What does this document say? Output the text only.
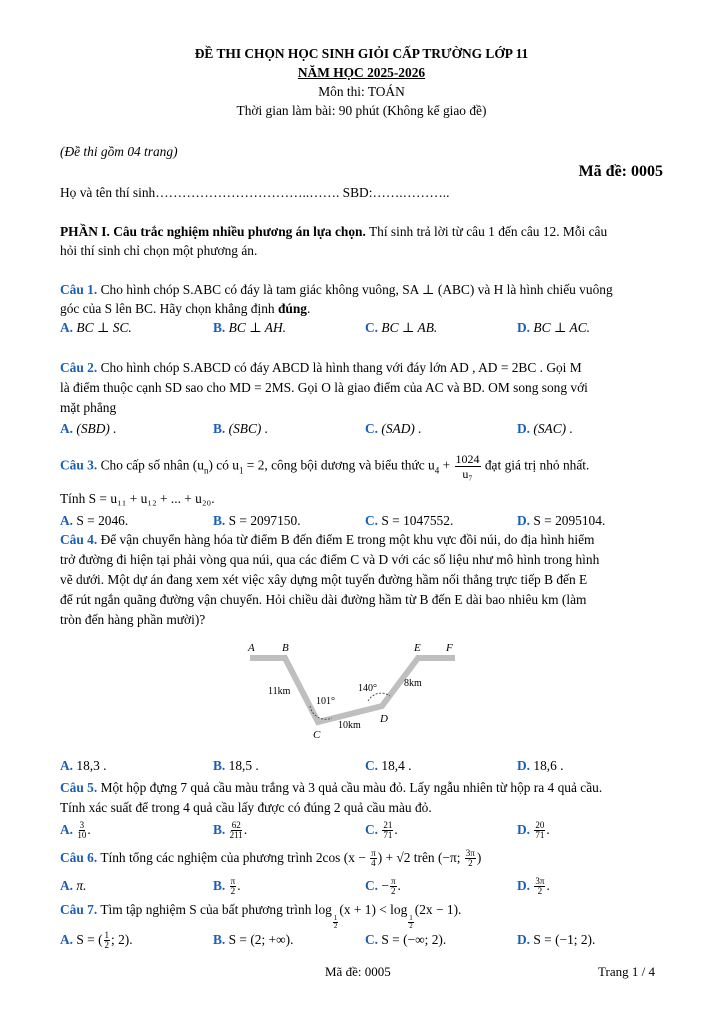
ĐỀ THI CHỌN HỌC SINH GIỎI CẤP TRƯỜNG LỚP 11
NĂM HỌC 2025-2026
Môn thi: TOÁN
Thời gian làm bài: 90 phút (Không kể giao đề)
(Đề thi gồm 04 trang)
Mã đề: 0005
Họ và tên thí sinh……………………………..……. SBD:…….………..
PHẦN I. Câu trắc nghiệm nhiều phương án lựa chọn. Thí sinh trả lời từ câu 1 đến câu 12. Mỗi câu
hỏi thí sinh chỉ chọn một phương án.
Câu 1. Cho hình chóp S.ABC có đáy là tam giác không vuông, SA ⊥ (ABC) và H là hình chiếu vuông
góc của S lên BC. Hãy chọn khẳng định đúng.
A. BC ⊥ SC.	B. BC ⊥ AH.	C. BC ⊥ AB.	D. BC ⊥ AC.
Câu 2. Cho hình chóp S.ABCD có đáy ABCD là hình thang với đáy lớn AD , AD = 2BC . Gọi M
là điểm thuộc cạnh SD sao cho MD = 2MS. Gọi O là giao điểm của AC và BD. OM song song với
mặt phẳng
A. (SBD) .	B. (SBC) .	C. (SAD) .	D. (SAC) .
Câu 3. Cho cấp số nhân $(u_n)$ có $u_1 = 2$, công bội dương và biểu thức $u_4 + \frac{1024}{\text{u₇}}$ đạt giá trị nhỏ nhất.
Tính S = u₁₁ + u₁₂ + ... + u₂₀.
A. S = 2046.	B. S = 2097150.	C. S = 1047552.	D. S = 2095104.
Câu 4. Để vận chuyển hàng hóa từ điểm B đến điểm E trong một khu vực đồi núi, do địa hình hiểm
trở đường đi hiện tại phải vòng qua núi, qua các điểm C và D với các số liệu như mô hình trong hình
vẽ dưới. Một dự án đang xem xét việc xây dựng một tuyến đường hầm nối thẳng trực tiếp B đến E
để rút ngắn quãng đường vận chuyển. Hỏi chiều dài đường hầm từ B đến E dài bao nhiêu km (làm
tròn đến hàng phần mười)?
A B
C
D
E F
11km
10km
8km
101°
140°
A. 18,3 .	B. 18,5 .	C. 18,4 .	D. 18,6 .
Câu 5. Một hộp đựng 7 quả cầu màu trắng và 3 quả cầu màu đỏ. Lấy ngẫu nhiên từ hộp ra 4 quả cầu.
Tính xác suất để trong 4 quả cầu lấy được có đúng 2 quả cầu màu đỏ.
A. $\frac{3}{10}$ .	B. $\frac{62}{211}$ .	C. $\frac{21}{71}$ .	D. $\frac{20}{71}$ .
Câu 6. Tính tổng các nghiệm của phương trình 2cos ($x - \frac{\pi}{4}$ ) + √2 trên (−π; $\frac{3\pi}{2}$ )
A. π.	B. $\frac{\pi}{2}$ .	C. − $\frac{\pi}{2}$ .	D. $\frac{3\pi}{2}$ .
Câu 7. Tìm tập nghiệm S của bất phương trình log
$\frac{1}{2}$
(x + 1) < log
$\frac{1}{2}$
(2x − 1).
A. S = ( $\frac{1}{2}$ ; 2).	B. S = (2; +∞).	C. S = (−∞; 2).	D. S = (−1; 2).
Mã đề: 0005	Trang 1 / 4
